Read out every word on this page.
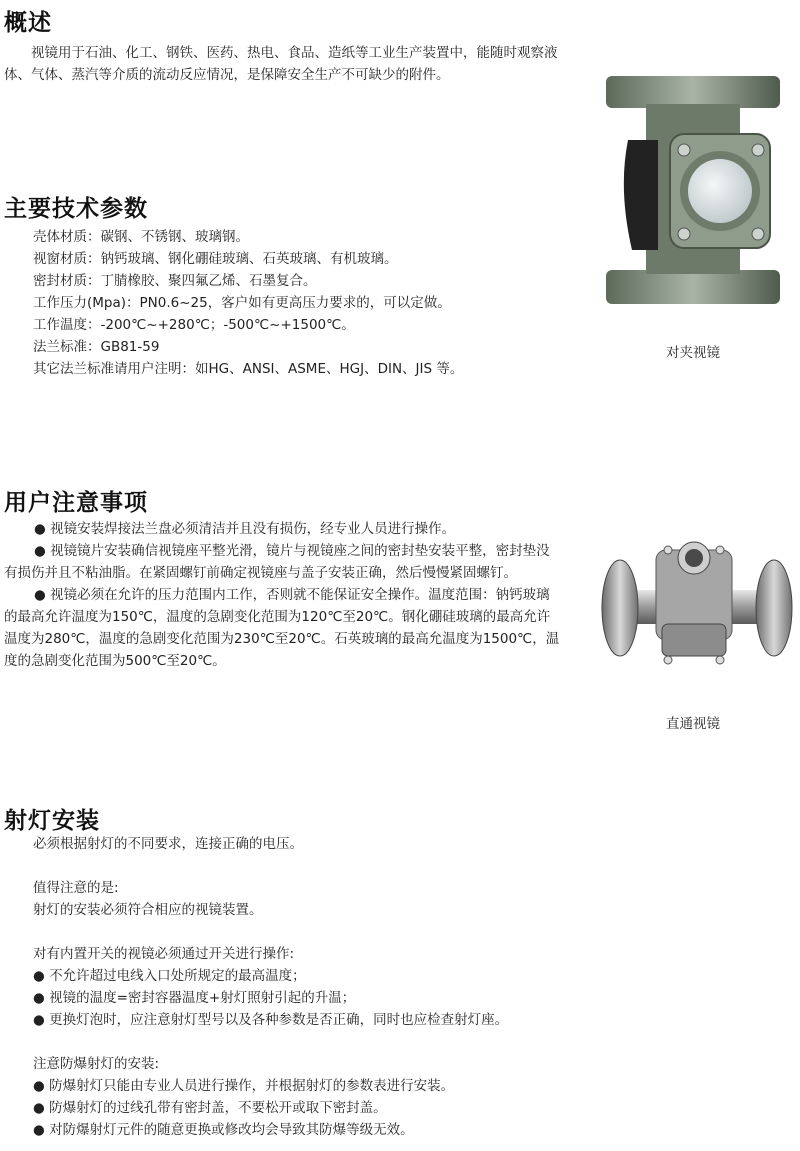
概述

视镜用于石油、化工、钢铁、医药、热电、食品、造纸等工业生产装置中，能随时观察液体、气体、蒸汽等介质的流动反应情况，是保障安全生产不可缺少的附件。

主要技术参数
壳体材质：碳钢、不锈钢、玻璃钢。
视窗材质：钠钙玻璃、钢化硼硅玻璃、石英玻璃、有机玻璃。
密封材质：丁腈橡胶、聚四氟乙烯、石墨复合。
工作压力(Mpa)：PN0.6~25，客户如有更高压力要求的，可以定做。
工作温度：-200℃~+280℃；-500℃~+1500℃。
法兰标准：GB81-59
其它法兰标准请用户注明：如HG、ANSI、ASME、HGJ、DIN、JIS 等。
对夹视镜
用户注意事项
● 视镜安装焊接法兰盘必须清洁并且没有损伤，经专业人员进行操作。
● 视镜镜片安装确信视镜座平整光滑，镜片与视镜座之间的密封垫安装平整，密封垫没有损伤并且不粘油脂。在紧固螺钉前确定视镜座与盖子安装正确，然后慢慢紧固螺钉。
● 视镜必须在允许的压力范围内工作，否则就不能保证安全操作。温度范围：钠钙玻璃的最高允许温度为150℃，温度的急剧变化范围为120℃至20℃。钢化硼硅玻璃的最高允许温度为280℃，温度的急剧变化范围为230℃至20℃。石英玻璃的最高允温度为1500℃，温度的急剧变化范围为500℃至20℃。
直通视镜
射灯安装
必须根据射灯的不同要求，连接正确的电压。
值得注意的是:
射灯的安装必须符合相应的视镜装置。
对有内置开关的视镜必须通过开关进行操作:
● 不允许超过电线入口处所规定的最高温度；
● 视镜的温度=密封容器温度+射灯照射引起的升温；
● 更换灯泡时，应注意射灯型号以及各种参数是否正确，同时也应检查射灯座。
注意防爆射灯的安装:
● 防爆射灯只能由专业人员进行操作，并根据射灯的参数表进行安装。
● 防爆射灯的过线孔带有密封盖，不要松开或取下密封盖。
● 对防爆射灯元件的随意更换或修改均会导致其防爆等级无效。
